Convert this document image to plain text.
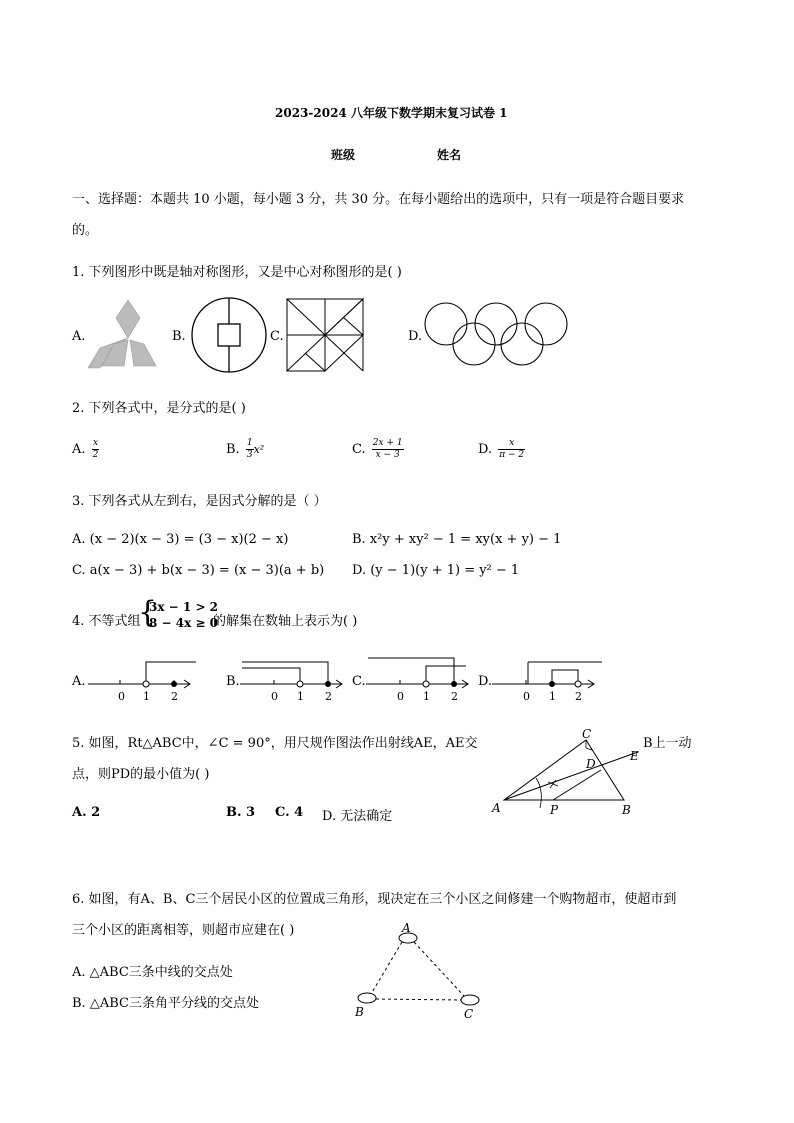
2023-2024 八年级下数学期末复习试卷 1
班级	姓名
一、选择题：本题共 10 小题，每小题 3 分，共 30 分。在每小题给出的选项中，只有一项是符合题目要求
的。
1. 下列图形中既是轴对称图形，又是中心对称图形的是( )
A.	B.	C.	D.
2. 下列各式中，是分式的是( )
A. $\frac{x}{2}$	B. $\frac{1}{3} x^2$	C. $\frac{2x + 1}{x - 3}$	D. $\frac{x}{\pi - 2}$
3. 下列各式从左到右，是因式分解的是（ ）
A. (x − 2)(x − 3) = (3 − x)(2 − x)	B. x²y + xy² − 1 = xy(x + y) − 1
C. a(x − 3) + b(x − 3) = (x − 3)(a + b) D. (y − 1)(y + 1) = y² − 1
4. 不等式组
{
3x − 1 > 2
8 − 4x ≥ 0
的解集在数轴上表示为( )
A.
0 1 2
B.
0 1 2
C.
0 1 2
D.
0 1 2
5. 如图，Rt△ABC中，∠C = 90°，用尺规作图法作出射线AE，AE交	B上一动
点，则PD的最小值为( )
A. 2	B. 3 C. 4 D. 无法确定
A	B
C
D
E
P
6. 如图，有A、B、C三个居民小区的位置成三角形，现决定在三个小区之间修建一个购物超市，使超市到
三个小区的距离相等，则超市应建在( )
A. △ABC三条中线的交点处
B. △ABC三条角平分线的交点处
A
B	C
